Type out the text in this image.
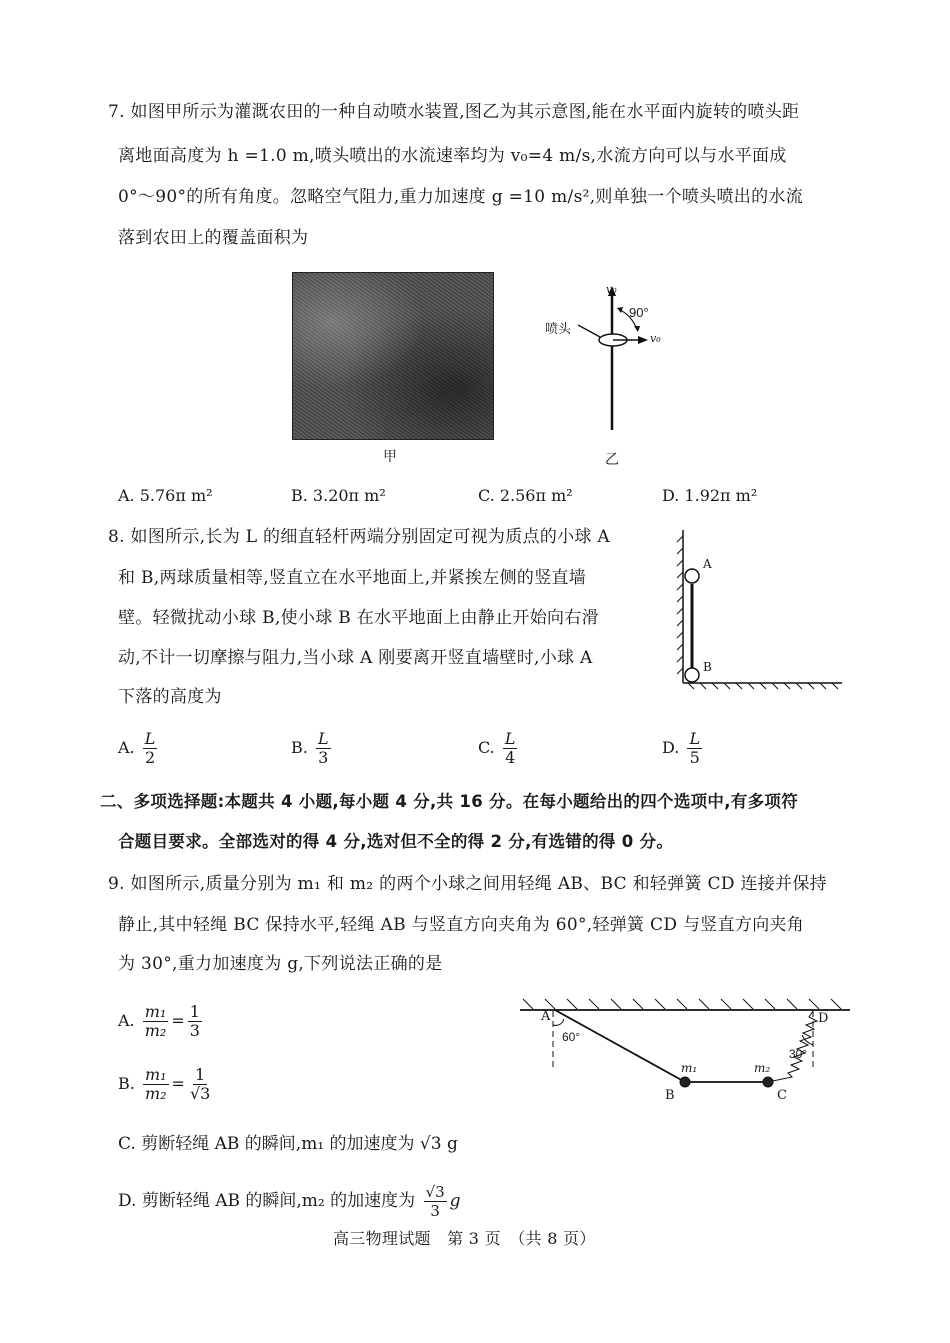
7. 如图甲所示为灌溉农田的一种自动喷水装置,图乙为其示意图,能在水平面内旋转的喷头距
离地面高度为 h =1.0 m,喷头喷出的水流速率均为 v₀=4 m/s,水流方向可以与水平面成
0°～90°的所有角度。忽略空气阻力,重力加速度 g =10 m/s²,则单独一个喷头喷出的水流
落到农田上的覆盖面积为
甲
v₀
v₀
90°
喷头
乙
A. 5.76π m²	B. 3.20π m²	C. 2.56π m²	D. 1.92π m²
8. 如图所示,长为 L 的细直轻杆两端分别固定可视为质点的小球 A
和 B,两球质量相等,竖直立在水平地面上,并紧挨左侧的竖直墙
壁。轻微扰动小球 B,使小球 B 在水平地面上由静止开始向右滑
动,不计一切摩擦与阻力,当小球 A 刚要离开竖直墙壁时,小球 A
下落的高度为
A
B
A. $\frac{L}{2}$	B. $\frac{L}{3}$	C. $\frac{L}{4}$	D. $\frac{L}{5}$
二、多项选择题:本题共 4 小题,每小题 4 分,共 16 分。在每小题给出的四个选项中,有多项符
合题目要求。全部选对的得 4 分,选对但不全的得 2 分,有选错的得 0 分。
9. 如图所示,质量分别为 m₁ 和 m₂ 的两个小球之间用轻绳 AB、BC 和轻弹簧 CD 连接并保持
静止,其中轻绳 BC 保持水平,轻绳 AB 与竖直方向夹角为 60°,轻弹簧 CD 与竖直方向夹角
为 30°,重力加速度为 g,下列说法正确的是
A
60°
m₁
B
m₂
C
D
30°
A. $\frac{\text{m₁}}{\text{m₂}} = \frac{1}{3}$
B. $\frac{\text{m₁}}{\text{m₂}} = \frac{1}{√3}$
C. 剪断轻绳 AB 的瞬间,m₁ 的加速度为 √3 g
D. 剪断轻绳 AB 的瞬间,m₂ 的加速度为 $\frac{√3}{3}$ g
高三物理试题　第 3 页　（共 8 页）
